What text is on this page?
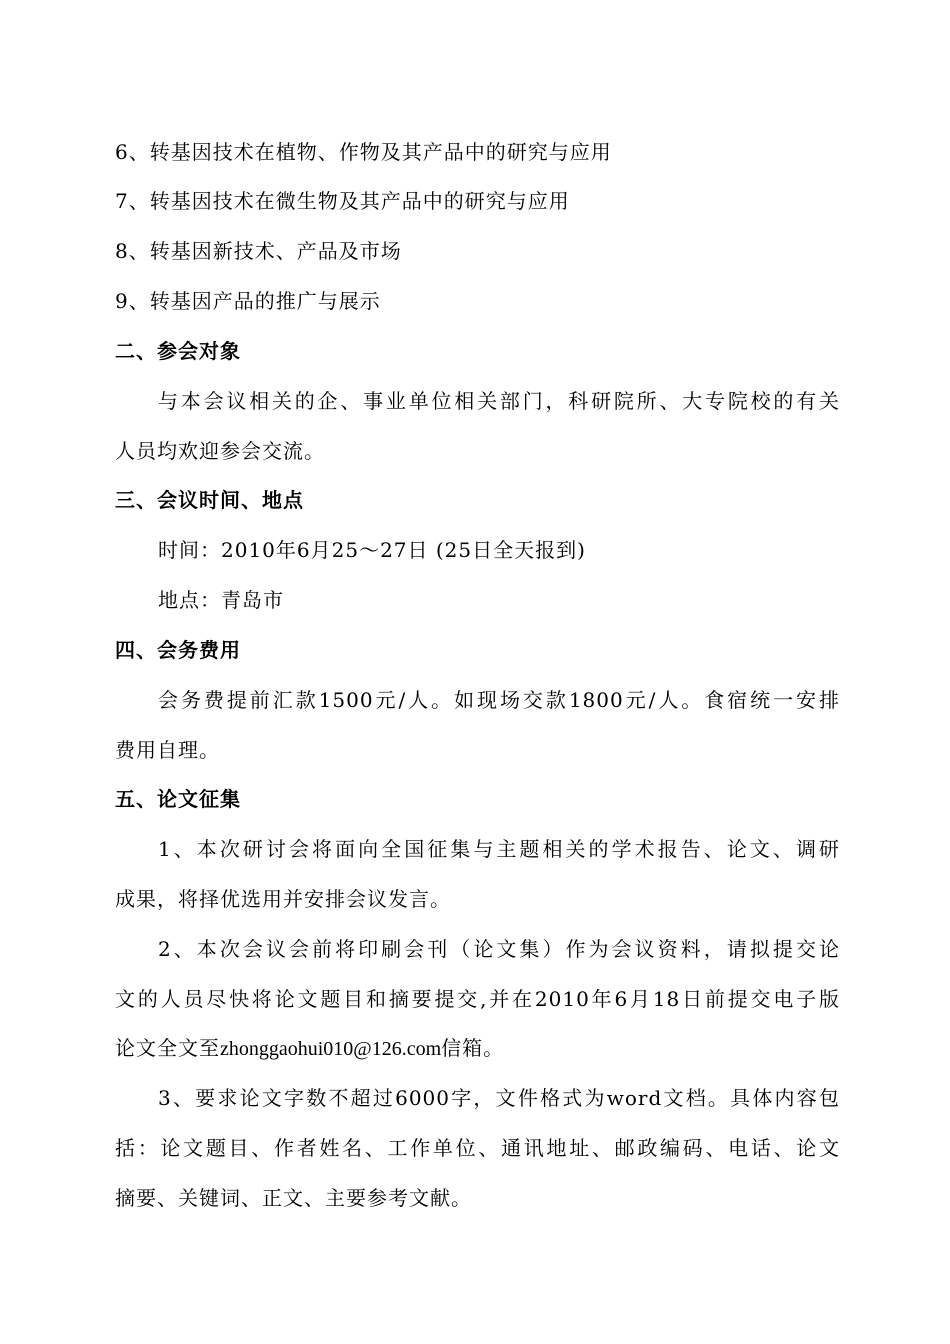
6、转基因技术在植物、作物及其产品中的研究与应用
7、转基因技术在微生物及其产品中的研究与应用
8、转基因新技术、产品及市场
9、转基因产品的推广与展示
二、参会对象
与本会议相关的企、事业单位相关部门，科研院所、大专院校的有关
人员均欢迎参会交流。
三、会议时间、地点
时间：2010年6月25～27日 (25日全天报到)
地点：青岛市
四、会务费用
会务费提前汇款1500元/人。如现场交款1800元/人。食宿统一安排
费用自理。
五、论文征集
1、本次研讨会将面向全国征集与主题相关的学术报告、论文、调研
成果，将择优选用并安排会议发言。
2、本次会议会前将印刷会刊（论文集）作为会议资料，请拟提交论
文的人员尽快将论文题目和摘要提交,并在2010年6月18日前提交电子版
论文全文至zhonggaohui010@126.com信箱。
3、要求论文字数不超过6000字，文件格式为word文档。具体内容包
括：论文题目、作者姓名、工作单位、通讯地址、邮政编码、电话、论文
摘要、关键词、正文、主要参考文献。
